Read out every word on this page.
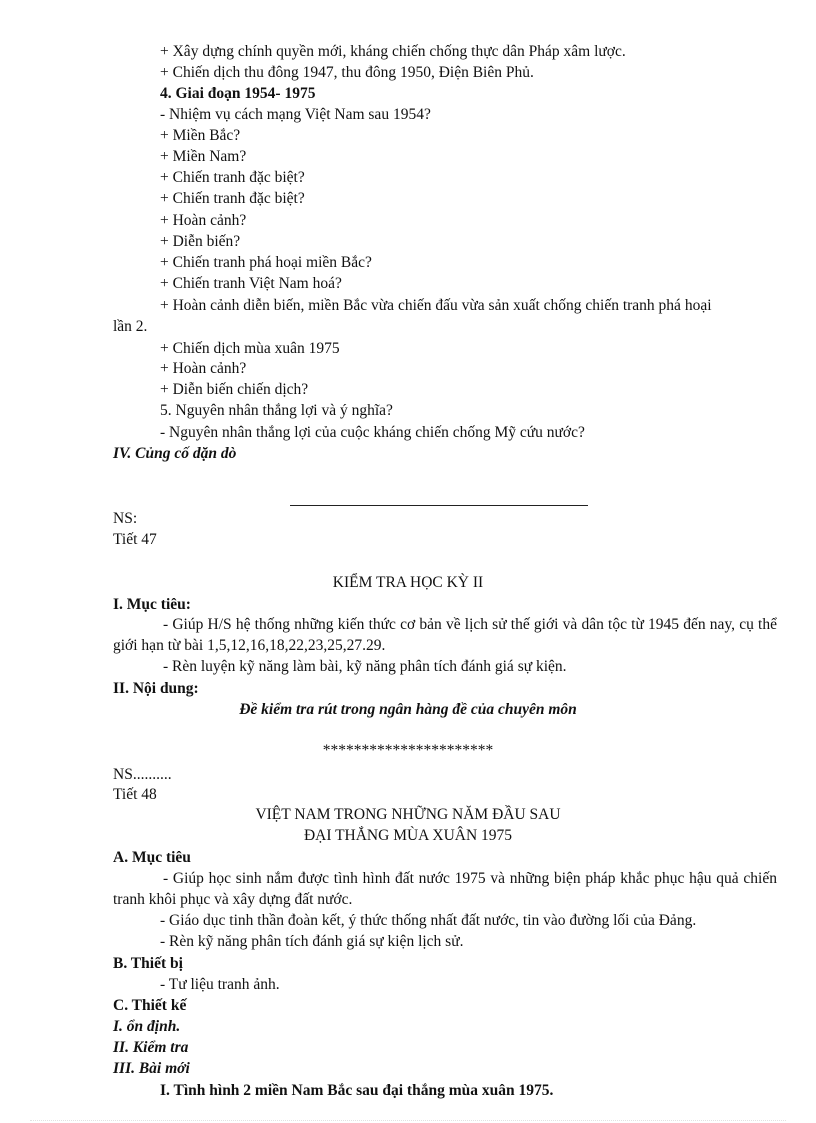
+ Xây dựng chính quyền mới, kháng chiến chống thực dân Pháp xâm lược.
+ Chiến dịch thu đông 1947, thu đông 1950, Điện Biên Phủ.
4. Giai đoạn 1954- 1975
- Nhiệm vụ cách mạng Việt Nam sau 1954?
+ Miền Bắc?
+ Miền Nam?
+ Chiến tranh đặc biệt?
+ Chiến tranh đặc biệt?
+ Hoàn cảnh?
+ Diễn biến?
+ Chiến tranh phá hoại miền Bắc?
+ Chiến tranh Việt Nam hoá?
+ Hoàn cảnh diễn biến, miền Bắc vừa chiến đấu vừa sản xuất chống chiến tranh phá hoại
lần 2.
+ Chiến dịch mùa xuân 1975
+ Hoàn cảnh?
+ Diễn biến chiến dịch?
5. Nguyên nhân thắng lợi và ý nghĩa?
- Nguyên nhân thắng lợi của cuộc kháng chiến chống Mỹ cứu nước?
IV. Củng cố dặn dò
NS:
Tiết 47
KIỂM TRA HỌC KỲ II
I. Mục tiêu:
- Giúp H/S hệ thống những kiến thức cơ bản về lịch sử thế giới và dân tộc từ 1945 đến nay, cụ thể giới hạn từ bài 1,5,12,16,18,22,23,25,27.29.
- Rèn luyện kỹ năng làm bài, kỹ năng phân tích đánh giá sự kiện.
II. Nội dung:
Đề kiểm tra rút trong ngân hàng đề của chuyên môn
**********************
NS..........
Tiết 48
VIỆT NAM TRONG NHỮNG NĂM ĐẦU SAU
ĐẠI THẮNG MÙA XUÂN 1975
A. Mục tiêu
- Giúp học sinh nắm được tình hình đất nước 1975 và những biện pháp khắc phục hậu quả chiến tranh khôi phục và xây dựng đất nước.
- Giáo dục tinh thần đoàn kết, ý thức thống nhất đất nước, tin vào đường lối của Đảng.
- Rèn kỹ năng phân tích đánh giá sự kiện lịch sử.
B. Thiết bị
- Tư liệu tranh ảnh.
C. Thiết kế
I. ổn định.
II. Kiểm tra
III. Bài mới
I. Tình hình 2 miền Nam Bắc sau đại thắng mùa xuân 1975.
